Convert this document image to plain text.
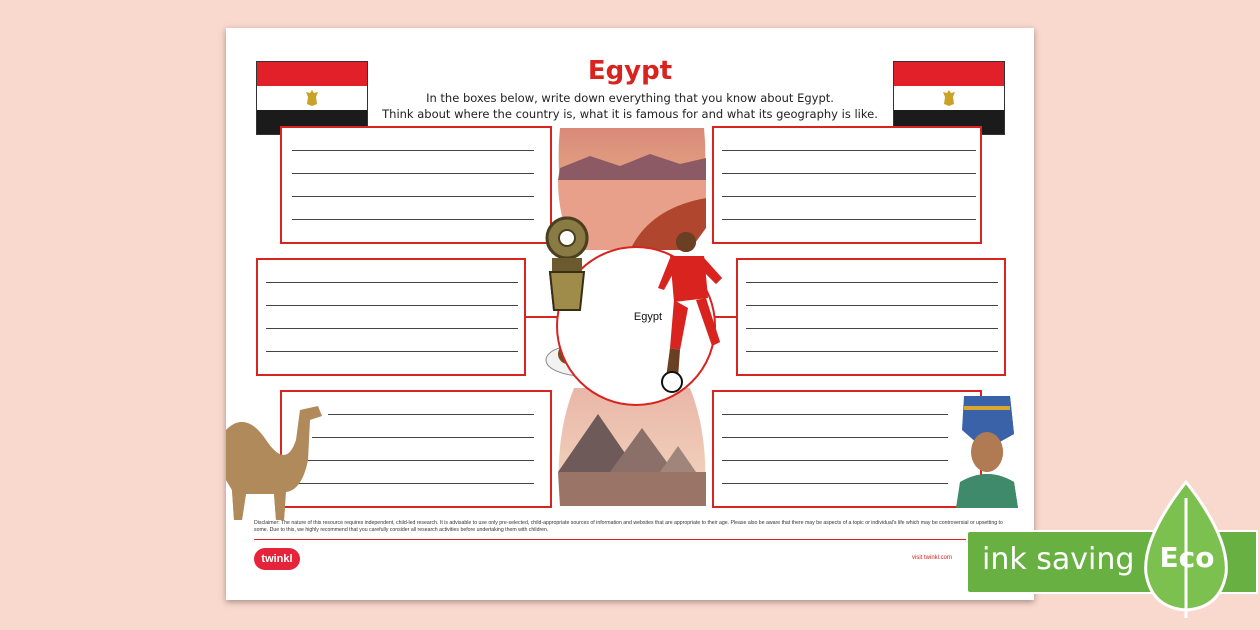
Egypt
In the boxes below, write down everything that you know about Egypt.
Think about where the country is, what it is famous for and what its geography is like.
Egypt
Disclaimer: The nature of this resource requires independent, child-led research. It is advisable to use only pre-selected, child-appropriate sources of information and websites that are appropriate to their age. Please also be aware that there may be aspects of a topic or individual's life which may be controversial or upsetting to some. Due to this, we highly recommend that you carefully consider all research activities before undertaking them with children.
twinkl	visit twinkl.com ink saving Eco
